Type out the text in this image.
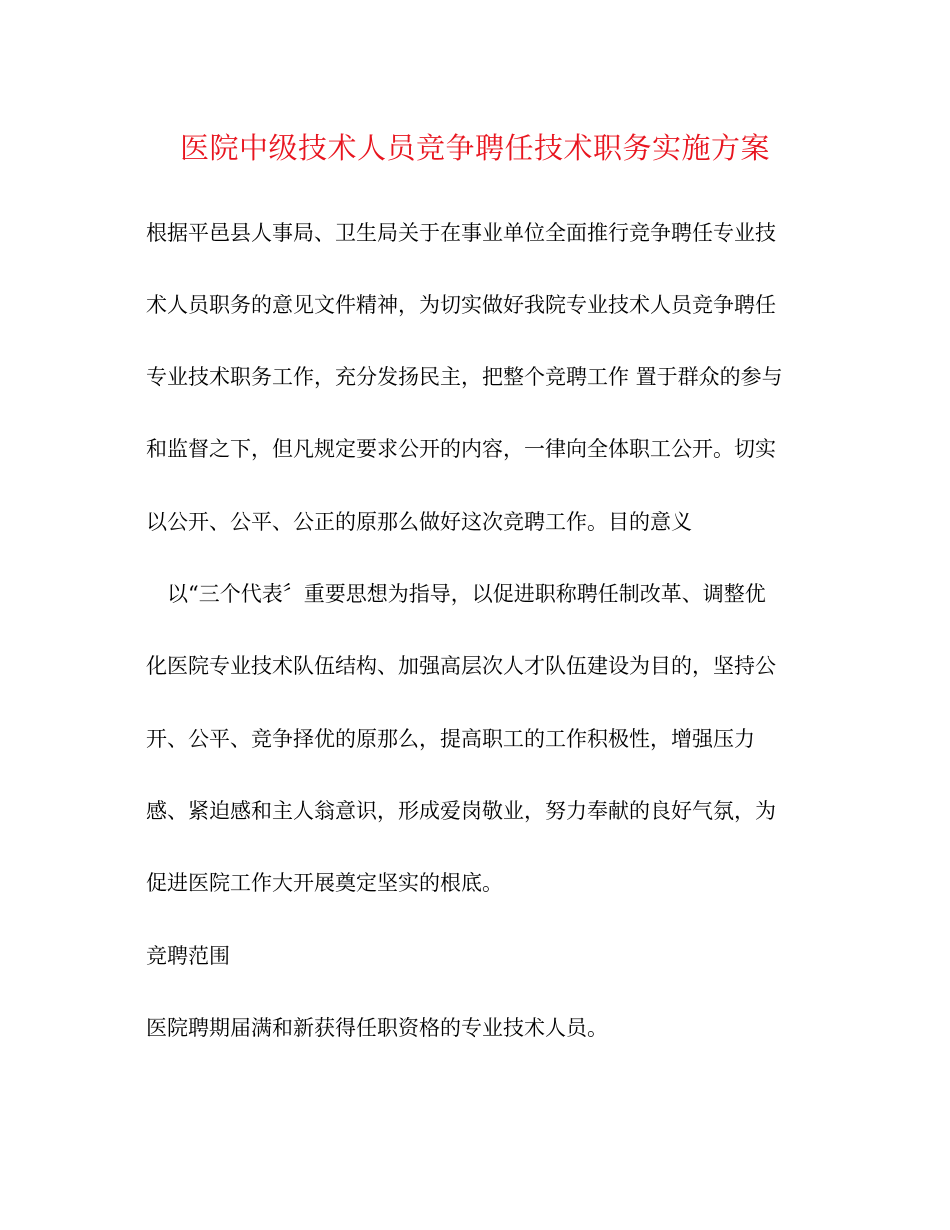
医院中级技术人员竞争聘任技术职务实施方案
根据平邑县人事局、卫生局关于在事业单位全面推行竞争聘任专业技
术人员职务的意见文件精神，为切实做好我院专业技术人员竞争聘任
专业技术职务工作，充分发扬民主，把整个竞聘工作 置于群众的参与
和监督之下，但凡规定要求公开的内容，一律向全体职工公开。切实
以公开、公平、公正的原那么做好这次竞聘工作。目的意义
　以“三个代表〞重要思想为指导，以促进职称聘任制改革、调整优
化医院专业技术队伍结构、加强高层次人才队伍建设为目的，坚持公
开、公平、竞争择优的原那么，提高职工的工作积极性，增强压力
感、紧迫感和主人翁意识，形成爱岗敬业，努力奉献的良好气氛，为
促进医院工作大开展奠定坚实的根底。
竞聘范围
医院聘期届满和新获得任职资格的专业技术人员。
